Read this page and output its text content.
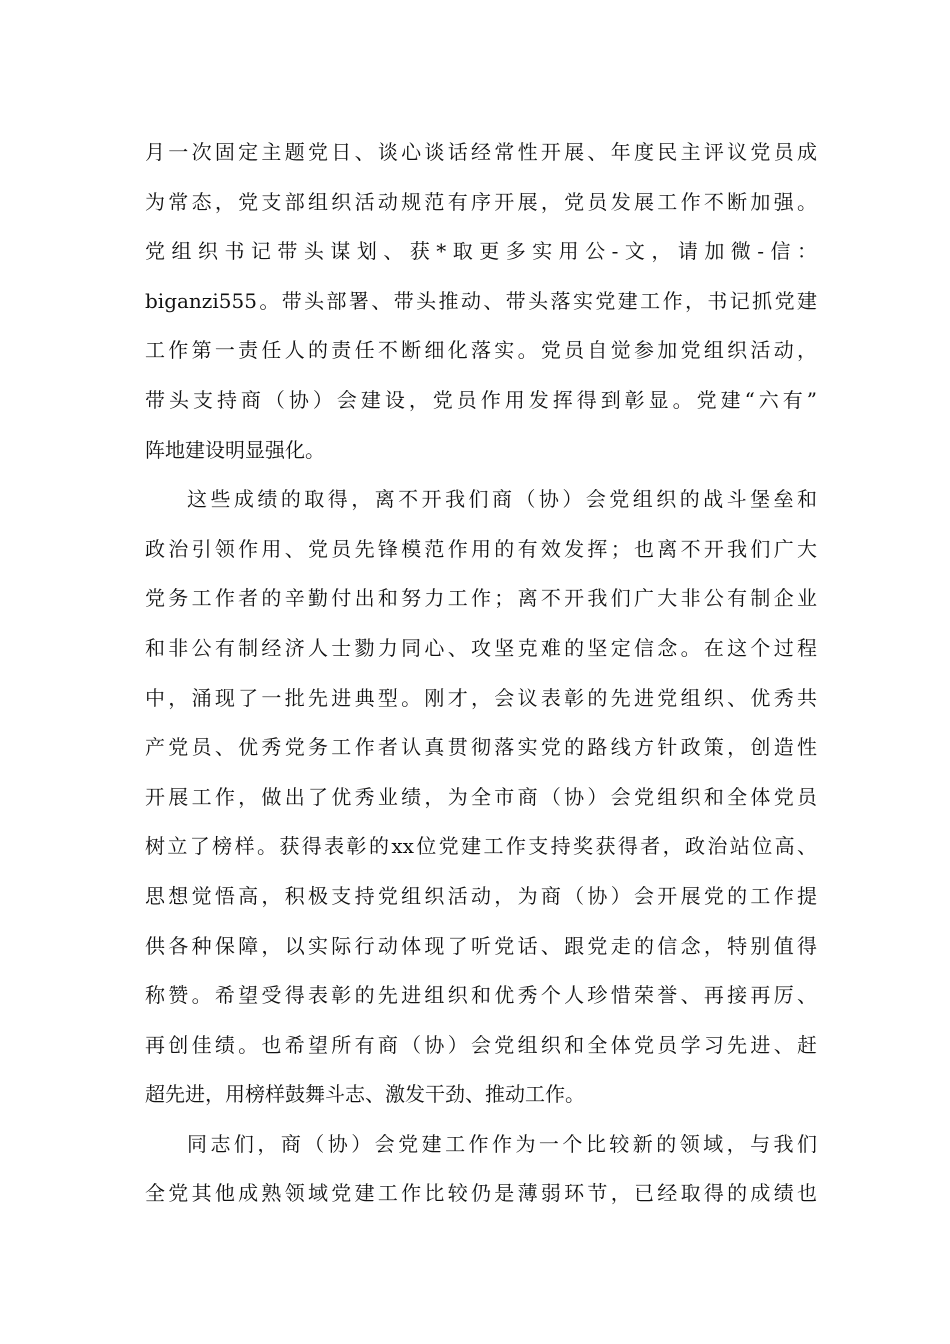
月一次固定主题党日、谈心谈话经常性开展、年度民主评议党员成
为常态，党支部组织活动规范有序开展，党员发展工作不断加强。
党组织书记带头谋划、获*取更多实用公-文，请加微-信：
biganzi555。带头部署、带头推动、带头落实党建工作，书记抓党建
工作第一责任人的责任不断细化落实。党员自觉参加党组织活动，
带头支持商（协）会建设，党员作用发挥得到彰显。党建“六有”
阵地建设明显强化。
这些成绩的取得，离不开我们商（协）会党组织的战斗堡垒和
政治引领作用、党员先锋模范作用的有效发挥；也离不开我们广大
党务工作者的辛勤付出和努力工作；离不开我们广大非公有制企业
和非公有制经济人士勠力同心、攻坚克难的坚定信念。在这个过程
中，涌现了一批先进典型。刚才，会议表彰的先进党组织、优秀共
产党员、优秀党务工作者认真贯彻落实党的路线方针政策，创造性
开展工作，做出了优秀业绩，为全市商（协）会党组织和全体党员
树立了榜样。获得表彰的xx位党建工作支持奖获得者，政治站位高、
思想觉悟高，积极支持党组织活动，为商（协）会开展党的工作提
供各种保障，以实际行动体现了听党话、跟党走的信念，特别值得
称赞。希望受得表彰的先进组织和优秀个人珍惜荣誉、再接再厉、
再创佳绩。也希望所有商（协）会党组织和全体党员学习先进、赶
超先进，用榜样鼓舞斗志、激发干劲、推动工作。
同志们，商（协）会党建工作作为一个比较新的领域，与我们
全党其他成熟领域党建工作比较仍是薄弱环节，已经取得的成绩也
